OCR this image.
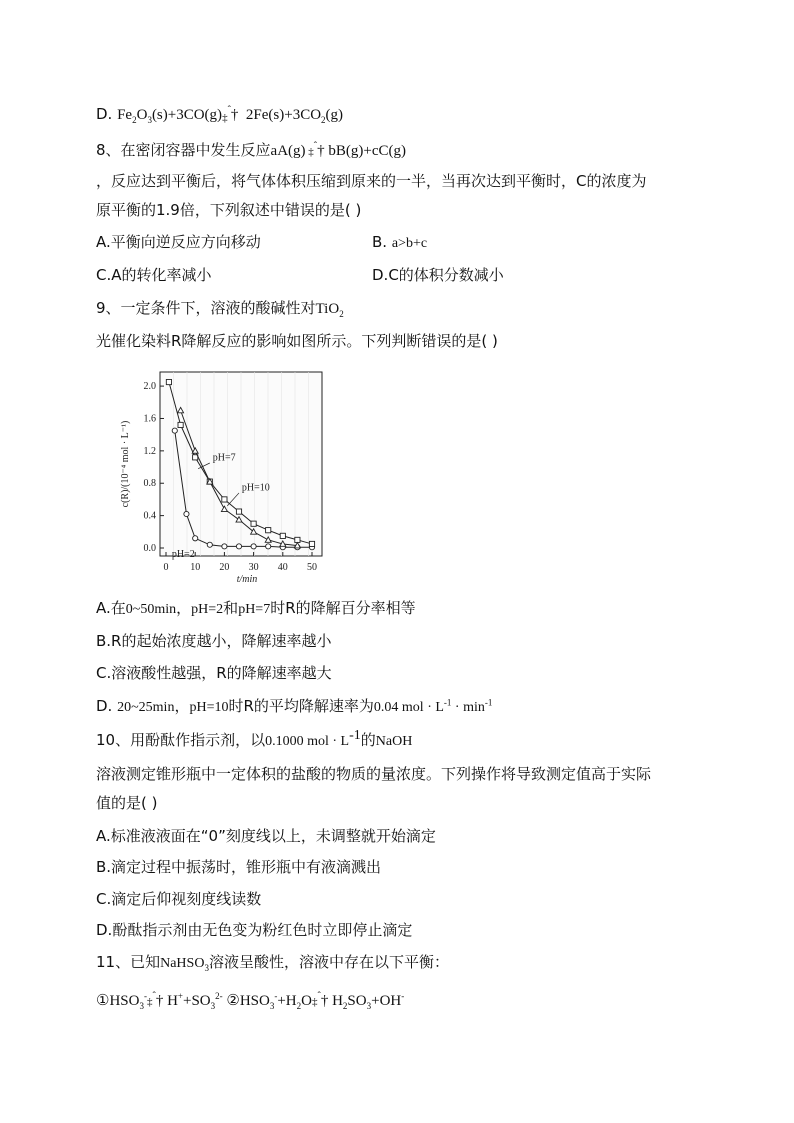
D. $Fe_2O_3(s)+3CO(g)\ddagger^ˆ\dagger$  $2Fe(s)+3CO_2(g)$
8、在密闭容器中发生反应aA(g) ‡$^ˆ$† bB(g)+cC(g)
，反应达到平衡后，将气体体积压缩到原来的一半，当再次达到平衡时，C的浓度为
原平衡的1.9倍，下列叙述中错误的是( )
A.平衡向逆反应方向移动	B. a>b+c
C.A的转化率减小	D.C的体积分数减小
9、一定条件下，溶液的酸碱性对TiO$_2$
光催化染料R降解反应的影响如图所示。下列判断错误的是( )
0.0
0.4
0.8
1.2
1.6
2.0
0 10 20 30 40 50
t/min
c(R)/(10⁻⁴ mol · L⁻¹)	pH=7
pH=10
pH=2
A.在0~50min，pH=2和pH=7时R的降解百分率相等
B.R的起始浓度越小，降解速率越小
C.溶液酸性越强，R的降解速率越大
D. 20~25min，pH=10时R的平均降解速率为0.04 mol · $L^{-1} \cdot \min^{-1}$
10、用酚酞作指示剂，以0.1000 mol · $L^{-1}$的NaOH
溶液测定锥形瓶中一定体积的盐酸的物质的量浓度。下列操作将导致测定值高于实际
值的是( )
A.标准液液面在“0”刻度线以上，未调整就开始滴定
B.滴定过程中振荡时，锥形瓶中有液滴溅出
C.滴定后仰视刻度线读数
D.酚酞指示剂由无色变为粉红色时立即停止滴定
11、已知NaHSO$_3$溶液呈酸性，溶液中存在以下平衡：
$①HSO_3^-\ddagger^ˆ\dagger$ $H^++SO_3^{2-}$ $②HSO_3^-+H_2O\ddagger^ˆ\dagger$ $H_2SO_3+OH^-$
